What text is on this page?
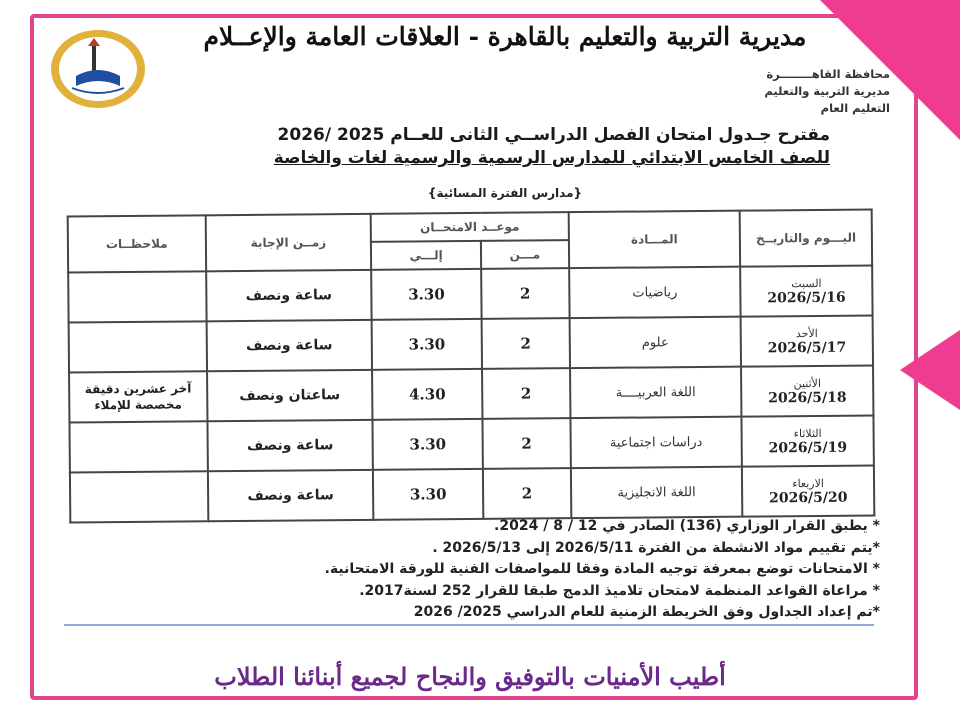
مديرية التربية والتعليم بالقاهرة - العلاقات العامة والإعــلام
محافظة القاهــــــــرة
مديرية التربية والتعليم
التعليم العام
مقترح جـدول امتحان الفصل الدراســي الثانى للعــام 2025 /2026
للصف الخامس الابتدائي للمدارس الرسمية والرسمية لغات والخاصة
{مدارس الفترة المسائية}
اليـــوم والتاريــخ	المـــادة	موعــد الامتحــان		زمــن الإجابة	ملاحظــات
		مـــن	إلـــي		

السبت
2026/5/16	رياضيات	2	3.30	ساعة ونصف	

الأحد
2026/5/17	علوم	2	3.30	ساعة ونصف	

الأثنين
2026/5/18	اللغة العربيــــة	2	4.30	ساعتان ونصف	آخر عشرين دقيقة مخصصة للإملاء

الثلاثاء
2026/5/19	دراسات اجتماعية	2	3.30	ساعة ونصف	

الاربعاء
2026/5/20	اللغة الانجليزية	2	3.30	ساعة ونصف	
* يطبق القرار الوزاري (136) الصادر في 12 / 8 / 2024.
*يتم تقييم مواد الانشطة من الفترة 2026/5/11 إلى 2026/5/13 .
* الامتحانات توضع بمعرفة توجيه المادة وفقا للمواصفات الفنية للورقة الامتحانية.
* مراعاة القواعد المنظمة لامتحان تلاميذ الدمج طبقا للقرار 252 لسنة2017.
*تم إعداد الجداول وفق الخريطة الزمنية للعام الدراسي 2025/ 2026
أطيب الأمنيات بالتوفيق والنجاح لجميع أبنائنا الطلاب
